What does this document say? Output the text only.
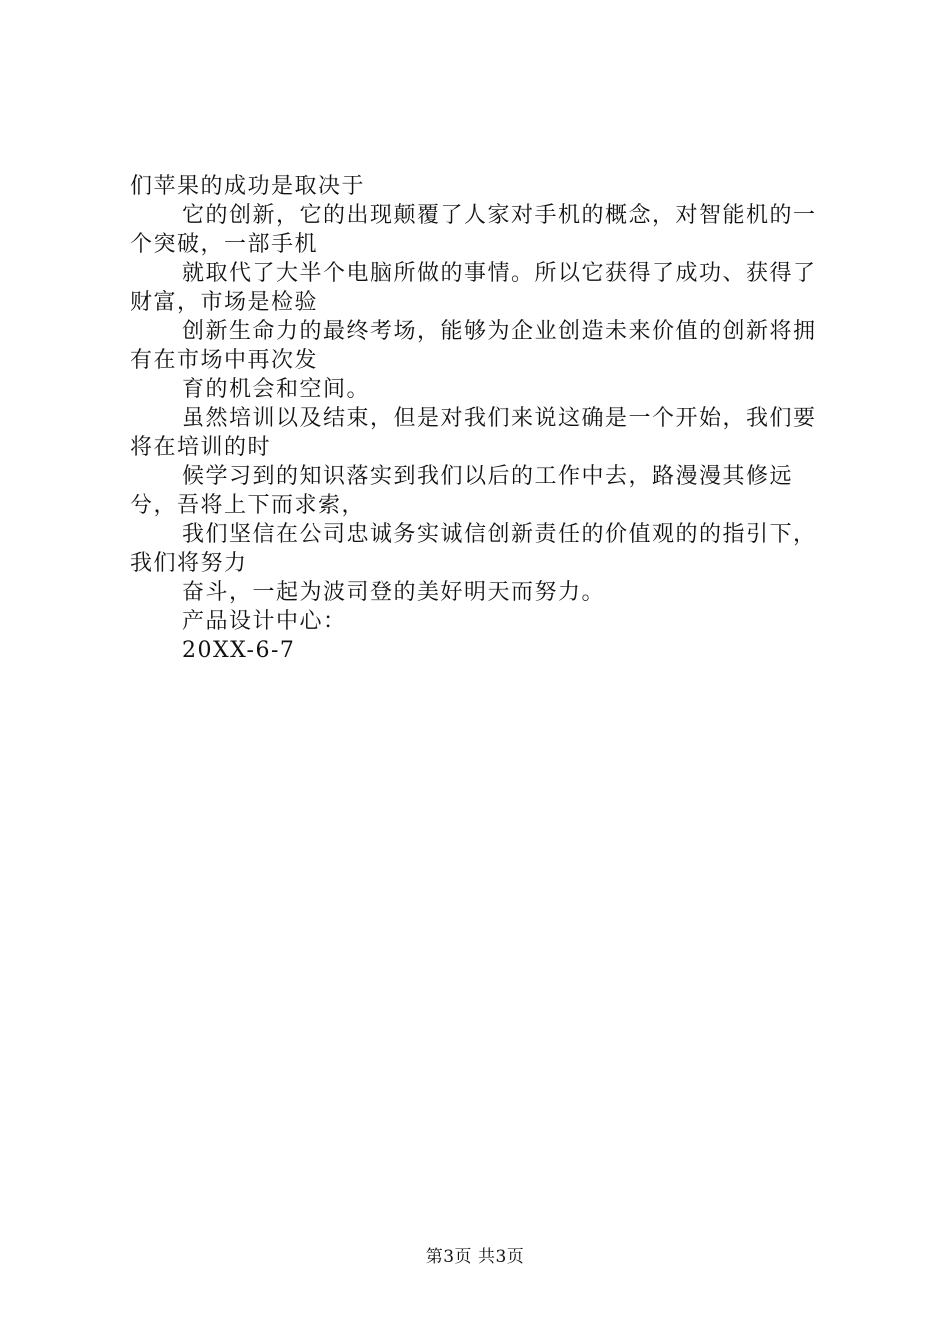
们苹果的成功是取决于

它的创新，它的出现颠覆了人家对手机的概念，对智能机的一个突破，一部手机

就取代了大半个电脑所做的事情。所以它获得了成功、获得了财富，市场是检验

创新生命力的最终考场，能够为企业创造未来价值的创新将拥有在市场中再次发

育的机会和空间。

虽然培训以及结束，但是对我们来说这确是一个开始，我们要将在培训的时

候学习到的知识落实到我们以后的工作中去，路漫漫其修远兮，吾将上下而求索，

我们坚信在公司忠诚务实诚信创新责任的价值观的的指引下，我们将努力

奋斗，一起为波司登的美好明天而努力。

产品设计中心：

20XX-6-7

第3页 共3页
